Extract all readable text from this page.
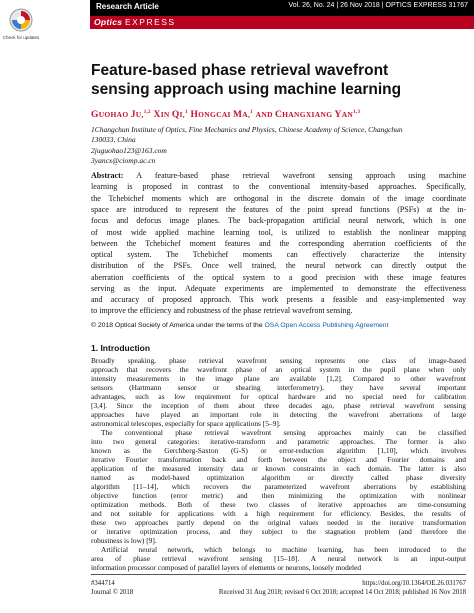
Check for updates
Research Article	Vol. 26, No. 24 | 26 Nov 2018 | OPTICS EXPRESS 31767
Optics EXPRESS
Feature-based phase retrieval wavefront
sensing approach using machine learning
GUOHAO JU,$^{1,2}$ XIN QI,$^1$ HONGCAI MA,$^1$ AND CHANGXIANG YAN$^{1,3}$
1Changchun Institute of Optics, Fine Mechanics and Physics, Chinese Academy of Science, Changchun
130033, China
2juguohao123@163.com
3yancx@ciomp.ac.cn
Abstract: A feature-based phase retrieval wavefront sensing approach using machine
learning is proposed in contrast to the conventional intensity-based approaches. Specifically,
the Tchebichef moments which are orthogonal in the discrete domain of the image coordinate
space are introduced to represent the features of the point spread functions (PSFs) at the in-
focus and defocus image planes. The back-propagation artificial neural network, which is one
of most wide applied machine learning tool, is utilized to establish the nonlinear mapping
between the Tchebichef moment features and the corresponding aberration coefficients of the
optical system. The Tchebichef moments can effectively characterize the intensity
distribution of the PSFs. Once well trained, the neural network can directly output the
aberration coefficients of the optical system to a good precision with these image features
serving as the input. Adequate experiments are implemented to demonstrate the effectiveness
and accuracy of proposed approach. This work presents a feasible and easy-implemented way
to improve the efficiency and robustness of the phase retrieval wavefront sensing.
© 2018 Optical Society of America under the terms of the OSA Open Access Publishing Agreement
1. Introduction
Broadly speaking, phase retrieval wavefront sensing represents one class of image-based
approach that recovers the wavefront phase of an optical system in the pupil plane when only
intensity measurements in the image plane are available [1,2]. Compared to other wavefront
sensors (Hartmann sensor or shearing interferometry), they have several important
advantages, such as low requirement for optical hardware and no special need for calibration
[3,4]. Since the inception of them about three decades ago, phase retrieval wavefront sensing
approaches have played an important role in detecting the wavefront aberrations of large
astronomical telescopes, especially for space applications [5–9].
The conventional phase retrieval wavefront sensing approaches mainly can be classified
into two general categories: iterative-transform and parametric approaches. The former is also
known as the Gerchberg-Saxton (G-S) or error-reduction algorithm [1,10], which involves
iterative Fourier transformation back and forth between the object and Fourier domains and
application of the measured intensity data or known constraints in each domain. The latter is also
named as model-based optimization algorithm or directly called phase diversity
algorithm [11–14], which recovers the parameterized wavefront aberrations by establishing
objective function (error metric) and then minimizing the optimization with nonlinear
optimization methods. Both of these two classes of iterative approaches are time-consuming
and not suitable for applications with a high requirement for efficiency. Besides, the results of
these two approaches partly depend on the original values needed in the iterative transformation
or iterative optimization process, and they subject to the stagnation problem (and therefore the
robustness is low) [9].
Artificial neural network, which belongs to machine learning, has been introduced to the
area of phase retrieval wavefront sensing [15–18]. A neural network is an input-output
information processor composed of parallel layers of elements or neurons, loosely modeled
#344714
Journal © 2018
https://doi.org/10.1364/OE.26.031767
Received 31 Aug 2018; revised 6 Oct 2018; accepted 14 Oct 2018; published 16 Nov 2018
